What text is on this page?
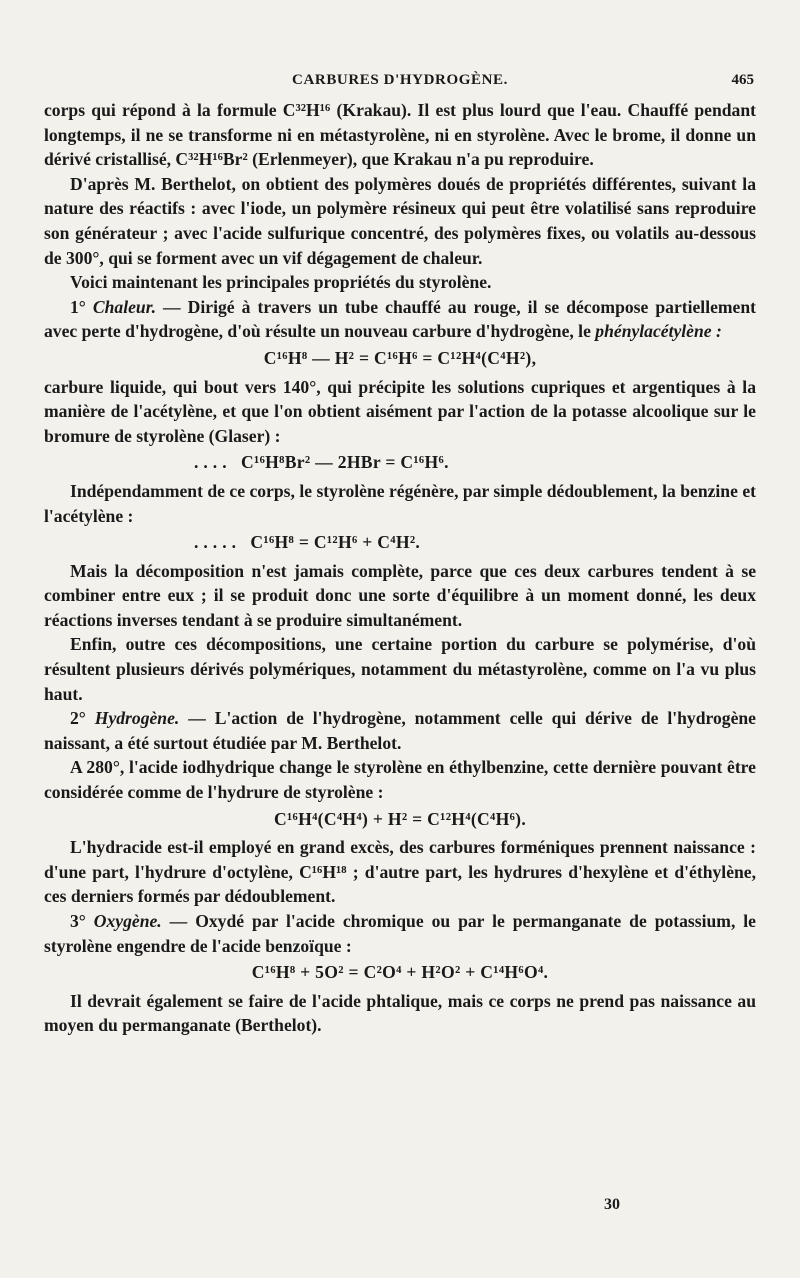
CARBURES D'HYDROGÈNE.	465

corps qui répond à la formule C³²H¹⁶ (Krakau). Il est plus lourd que l'eau. Chauffé pendant longtemps, il ne se transforme ni en métastyrolène, ni en styrolène. Avec le brome, il donne un dérivé cristallisé, C³²H¹⁶Br² (Erlenmeyer), que Krakau n'a pu reproduire.

D'après M. Berthelot, on obtient des polymères doués de propriétés différentes, suivant la nature des réactifs : avec l'iode, un polymère résineux qui peut être volatilisé sans reproduire son générateur ; avec l'acide sulfurique concentré, des polymères fixes, ou volatils au-dessous de 300°, qui se forment avec un vif dégagement de chaleur.

Voici maintenant les principales propriétés du styrolène.

1° Chaleur. — Dirigé à travers un tube chauffé au rouge, il se décompose partiellement avec perte d'hydrogène, d'où résulte un nouveau carbure d'hydrogène, le phénylacétylène :

C¹⁶H⁸ — H² = C¹⁶H⁶ = C¹²H⁴(C⁴H²),

carbure liquide, qui bout vers 140°, qui précipite les solutions cupriques et argentiques à la manière de l'acétylène, et que l'on obtient aisément par l'action de la potasse alcoolique sur le bromure de styrolène (Glaser) :

. . . . C¹⁶H⁸Br² — 2HBr = C¹⁶H⁶.

Indépendamment de ce corps, le styrolène régénère, par simple dédoublement, la benzine et l'acétylène :

. . . . . C¹⁶H⁸ = C¹²H⁶ + C⁴H².

Mais la décomposition n'est jamais complète, parce que ces deux carbures tendent à se combiner entre eux ; il se produit donc une sorte d'équilibre à un moment donné, les deux réactions inverses tendant à se produire simultanément.

Enfin, outre ces décompositions, une certaine portion du carbure se polymérise, d'où résultent plusieurs dérivés polymériques, notamment du métastyrolène, comme on l'a vu plus haut.

2° Hydrogène. — L'action de l'hydrogène, notamment celle qui dérive de l'hydrogène naissant, a été surtout étudiée par M. Berthelot.

A 280°, l'acide iodhydrique change le styrolène en éthylbenzine, cette dernière pouvant être considérée comme de l'hydrure de styrolène :

C¹⁶H⁴(C⁴H⁴) + H² = C¹²H⁴(C⁴H⁶).

L'hydracide est-il employé en grand excès, des carbures forméniques prennent naissance : d'une part, l'hydrure d'octylène, C¹⁶H¹⁸ ; d'autre part, les hydrures d'hexylène et d'éthylène, ces derniers formés par dédoublement.

3° Oxygène. — Oxydé par l'acide chromique ou par le permanganate de potassium, le styrolène engendre de l'acide benzoïque :

C¹⁶H⁸ + 5O² = C²O⁴ + H²O² + C¹⁴H⁶O⁴.

Il devrait également se faire de l'acide phtalique, mais ce corps ne prend pas naissance au moyen du permanganate (Berthelot).

30
